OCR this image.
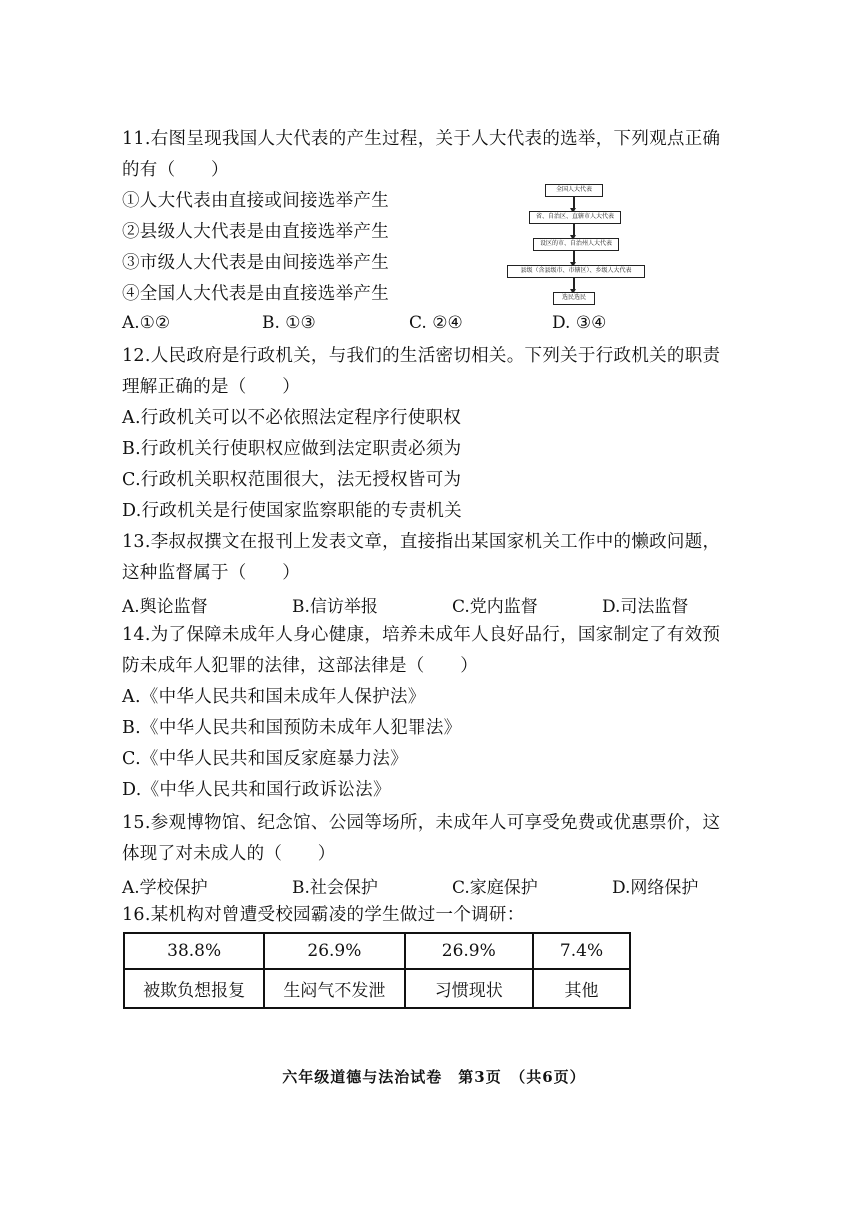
11.右图呈现我国人大代表的产生过程，关于人大代表的选举，下列观点正确
的有（　　）
①人大代表由直接或间接选举产生
②县级人大代表是由直接选举产生
③市级人大代表是由间接选举产生
④全国人大代表是由直接选举产生
A.①②	B. ①③	C. ②④	D. ③④
全国人大代表
省、自治区、直辖市人大代表
设区的市、自治州人大代表
县级（含县级市、市辖区）、乡级人大代表
选民选民
12.人民政府是行政机关，与我们的生活密切相关。下列关于行政机关的职责
理解正确的是（　　）
A.行政机关可以不必依照法定程序行使职权
B.行政机关行使职权应做到法定职责必须为
C.行政机关职权范围很大，法无授权皆可为
D.行政机关是行使国家监察职能的专责机关
13.李叔叔撰文在报刊上发表文章，直接指出某国家机关工作中的懒政问题，
这种监督属于（　　）
A.舆论监督	B.信访举报	C.党内监督	D.司法监督
14.为了保障未成年人身心健康，培养未成年人良好品行，国家制定了有效预
防未成年人犯罪的法律，这部法律是（　　）
A.《中华人民共和国未成年人保护法》
B.《中华人民共和国预防未成年人犯罪法》
C.《中华人民共和国反家庭暴力法》
D.《中华人民共和国行政诉讼法》
15.参观博物馆、纪念馆、公园等场所，未成年人可享受免费或优惠票价，这
体现了对未成人的（　　）
A.学校保护	B.社会保护	C.家庭保护	D.网络保护
16.某机构对曾遭受校园霸凌的学生做过一个调研：
38.8%	26.9%	26.9%	7.4%
被欺负想报复	生闷气不发泄	习惯现状	其他
六年级道德与法治试卷　第3页　（共6页）
